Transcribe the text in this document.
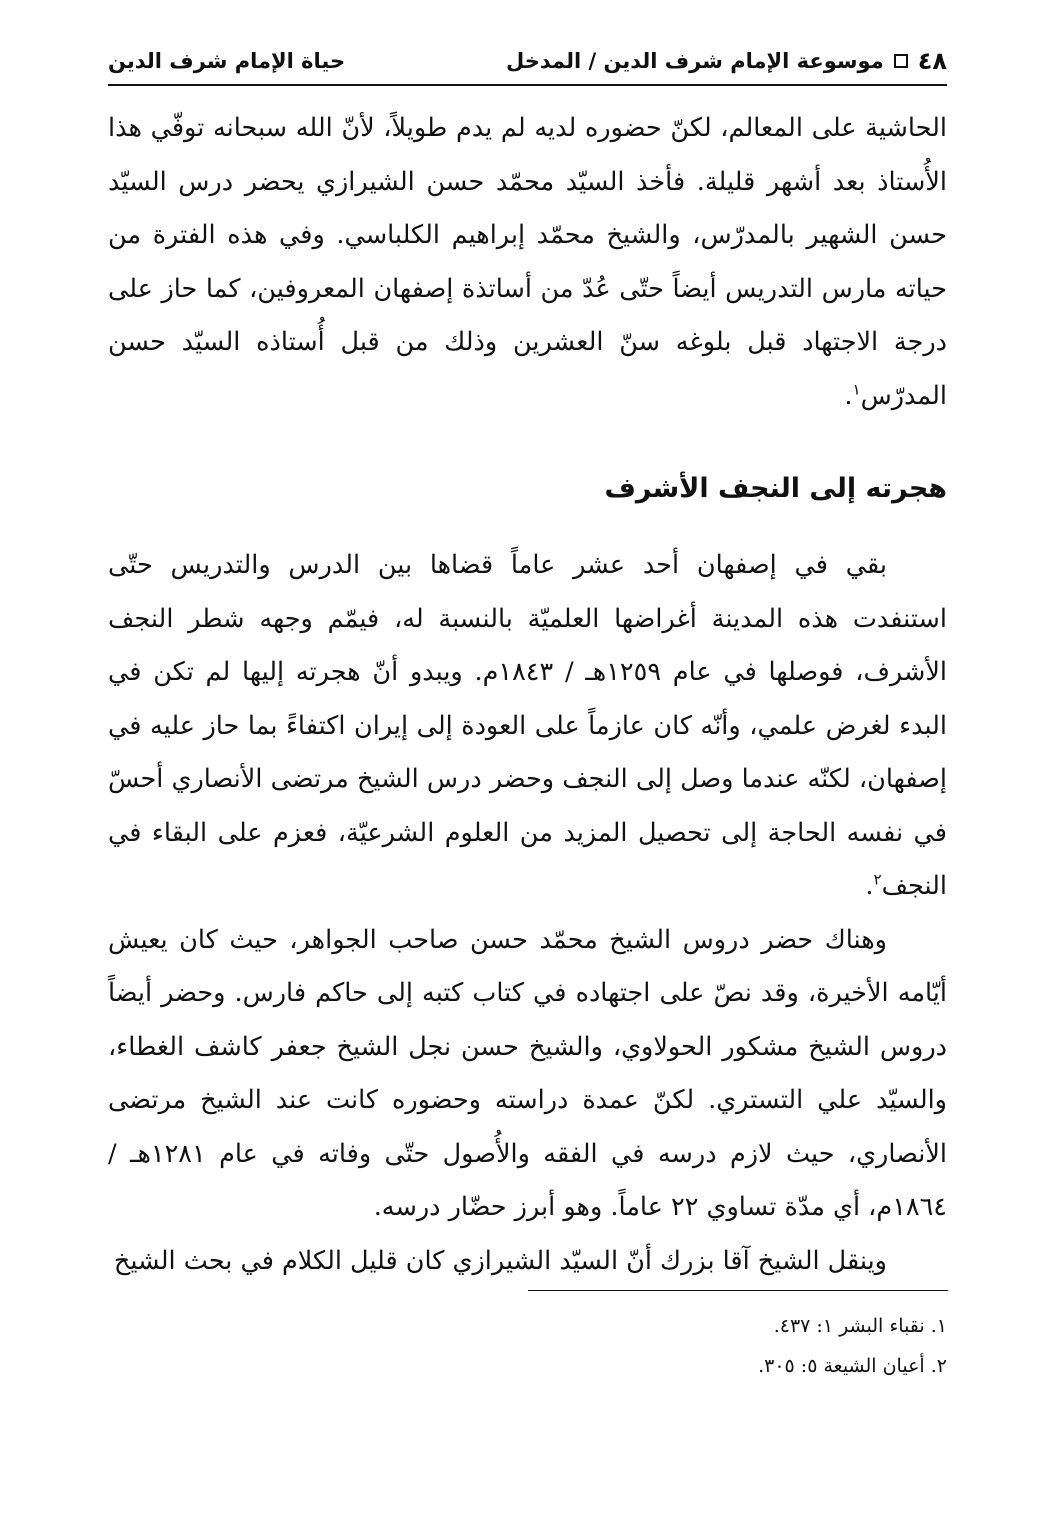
٤٨
موسوعة الإمام شرف الدين / المدخل
حياة الإمام شرف الدين

الحاشية على المعالم، لكنّ حضوره لديه لم يدم طويلاً، لأنّ الله سبحانه توفّي هذا الأُستاذ بعد أشهر قليلة. فأخذ السيّد محمّد حسن الشيرازي يحضر درس السيّد حسن الشهير بالمدرّس، والشيخ محمّد إبراهيم الكلباسي. وفي هذه الفترة من حياته مارس التدريس أيضاً حتّى عُدّ من أساتذة إصفهان المعروفين، كما حاز على درجة الاجتهاد قبل بلوغه سنّ العشرين وذلك من قبل أُستاذه السيّد حسن المدرّس$^١$.

هجرته إلى النجف الأشرف

بقي في إصفهان أحد عشر عاماً قضاها بين الدرس والتدريس حتّى استنفدت هذه المدينة أغراضها العلميّة بالنسبة له، فيمّم وجهه شطر النجف الأشرف، فوصلها في عام ١٢٥٩هـ / ١٨٤٣م. ويبدو أنّ هجرته إليها لم تكن في البدء لغرض علمي، وأنّه كان عازماً على العودة إلى إيران اكتفاءً بما حاز عليه في إصفهان، لكنّه عندما وصل إلى النجف وحضر درس الشيخ مرتضى الأنصاري أحسّ في نفسه الحاجة إلى تحصيل المزيد من العلوم الشرعيّة، فعزم على البقاء في النجف$^٢$.

وهناك حضر دروس الشيخ محمّد حسن صاحب الجواهر، حيث كان يعيش أيّامه الأخيرة، وقد نصّ على اجتهاده في كتاب كتبه إلى حاكم فارس. وحضر أيضاً دروس الشيخ مشكور الحولاوي، والشيخ حسن نجل الشيخ جعفر كاشف الغطاء، والسيّد علي التستري. لكنّ عمدة دراسته وحضوره كانت عند الشيخ مرتضى الأنصاري، حيث لازم درسه في الفقه والأُصول حتّى وفاته في عام ١٢٨١هـ / ١٨٦٤م، أي مدّة تساوي ٢٢ عاماً. وهو أبرز حضّار درسه.

وينقل الشيخ آقا بزرك أنّ السيّد الشيرازي كان قليل الكلام في بحث الشيخ

١. نقباء البشر ١: ٤٣٧.
٢. أعيان الشيعة ٥: ٣٠٥.
